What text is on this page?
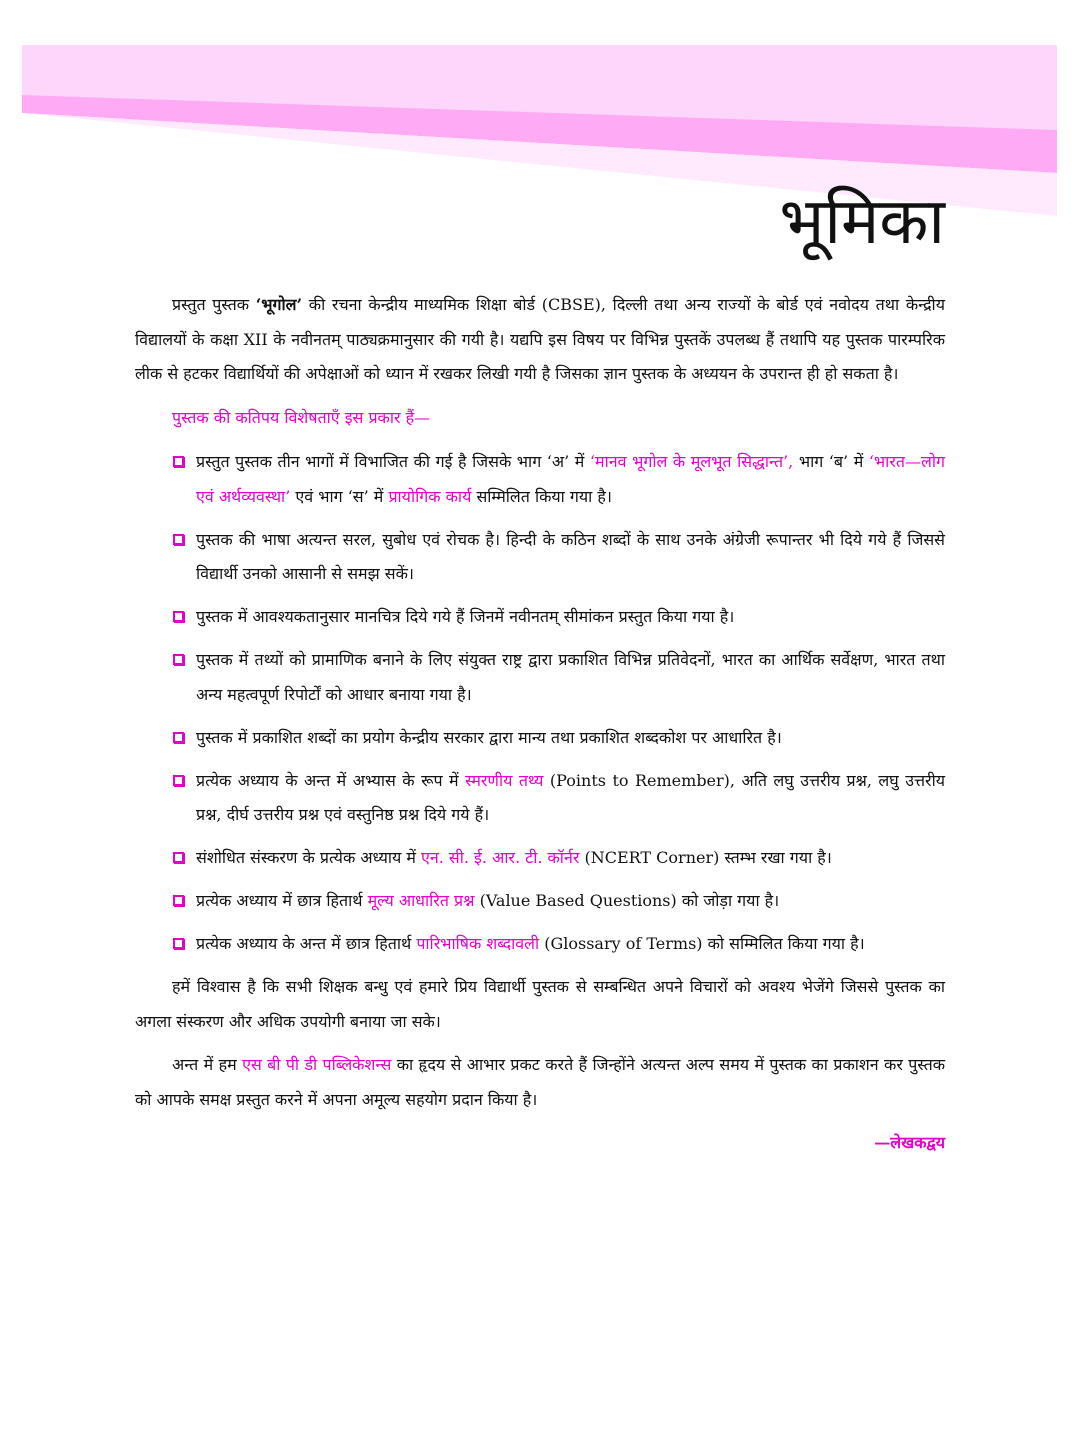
भूमिका

प्रस्तुत पुस्तक ‘भूगोल’ की रचना केन्द्रीय माध्यमिक शिक्षा बोर्ड (CBSE), दिल्ली तथा अन्य राज्यों के बोर्ड एवं नवोदय तथा केन्द्रीय विद्यालयों के कक्षा XII के नवीनतम् पाठ्यक्रमानुसार की गयी है। यद्यपि इस विषय पर विभिन्न पुस्तकें उपलब्ध हैं तथापि यह पुस्तक पारम्परिक लीक से हटकर विद्यार्थियों की अपेक्षाओं को ध्यान में रखकर लिखी गयी है जिसका ज्ञान पुस्तक के अध्ययन के उपरान्त ही हो सकता है।

पुस्तक की कतिपय विशेषताएँ इस प्रकार हैं—

प्रस्तुत पुस्तक तीन भागों में विभाजित की गई है जिसके भाग ‘अ’ में ‘मानव भूगोल के मूलभूत सिद्धान्त’, भाग ‘ब’ में ‘भारत—लोग एवं अर्थव्यवस्था’ एवं भाग ‘स’ में प्रायोगिक कार्य सम्मिलित किया गया है।
पुस्तक की भाषा अत्यन्त सरल, सुबोध एवं रोचक है। हिन्दी के कठिन शब्दों के साथ उनके अंग्रेजी रूपान्तर भी दिये गये हैं जिससे विद्यार्थी उनको आसानी से समझ सकें।
पुस्तक में आवश्यकतानुसार मानचित्र दिये गये हैं जिनमें नवीनतम् सीमांकन प्रस्तुत किया गया है।
पुस्तक में तथ्यों को प्रामाणिक बनाने के लिए संयुक्त राष्ट्र द्वारा प्रकाशित विभिन्न प्रतिवेदनों, भारत का आर्थिक सर्वेक्षण, भारत तथा अन्य महत्वपूर्ण रिपोर्टों को आधार बनाया गया है।
पुस्तक में प्रकाशित शब्दों का प्रयोग केन्द्रीय सरकार द्वारा मान्य तथा प्रकाशित शब्दकोश पर आधारित है।
प्रत्येक अध्याय के अन्त में अभ्यास के रूप में स्मरणीय तथ्य (Points to Remember), अति लघु उत्तरीय प्रश्न, लघु उत्तरीय प्रश्न, दीर्घ उत्तरीय प्रश्न एवं वस्तुनिष्ठ प्रश्न दिये गये हैं।
संशोधित संस्करण के प्रत्येक अध्याय में एन. सी. ई. आर. टी. कॉर्नर (NCERT Corner) स्तम्भ रखा गया है।
प्रत्येक अध्याय में छात्र हितार्थ मूल्य आधारित प्रश्न (Value Based Questions) को जोड़ा गया है।
प्रत्येक अध्याय के अन्त में छात्र हितार्थ पारिभाषिक शब्दावली (Glossary of Terms) को सम्मिलित किया गया है।

हमें विश्वास है कि सभी शिक्षक बन्धु एवं हमारे प्रिय विद्यार्थी पुस्तक से सम्बन्धित अपने विचारों को अवश्य भेजेंगे जिससे पुस्तक का अगला संस्करण और अधिक उपयोगी बनाया जा सके।

अन्त में हम एस बी पी डी पब्लिकेशन्स का हृदय से आभार प्रकट करते हैं जिन्होंने अत्यन्त अल्प समय में पुस्तक का प्रकाशन कर पुस्तक को आपके समक्ष प्रस्तुत करने में अपना अमूल्य सहयोग प्रदान किया है।

—लेखकद्वय
